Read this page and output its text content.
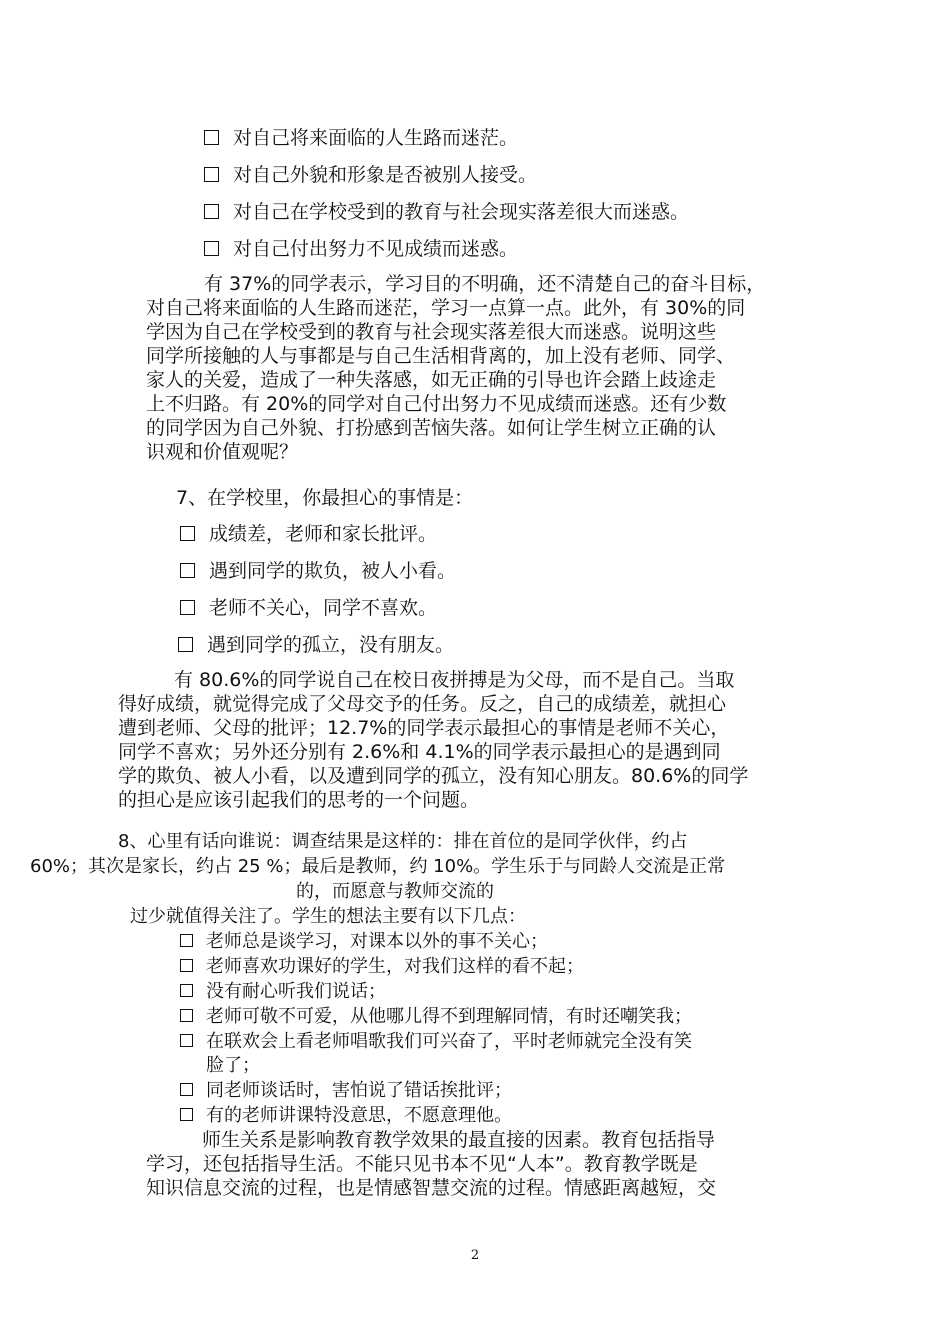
对自己将来面临的人生路而迷茫。
对自己外貌和形象是否被别人接受。
对自己在学校受到的教育与社会现实落差很大而迷惑。
对自己付出努力不见成绩而迷惑。
有 37%的同学表示，学习目的不明确，还不清楚自己的奋斗目标，
对自己将来面临的人生路而迷茫，学习一点算一点。此外，有 30%的同
学因为自己在学校受到的教育与社会现实落差很大而迷惑。说明这些
同学所接触的人与事都是与自己生活相背离的，加上没有老师、同学、
家人的关爱，造成了一种失落感，如无正确的引导也许会踏上歧途走
上不归路。有 20%的同学对自己付出努力不见成绩而迷惑。还有少数
的同学因为自己外貌、打扮感到苦恼失落。如何让学生树立正确的认
识观和价值观呢？
7、在学校里，你最担心的事情是：
成绩差，老师和家长批评。
遇到同学的欺负，被人小看。
老师不关心，同学不喜欢。
遇到同学的孤立，没有朋友。
有 80.6%的同学说自己在校日夜拼搏是为父母，而不是自己。当取
得好成绩，就觉得完成了父母交予的任务。反之，自己的成绩差，就担心
遭到老师、父母的批评；12.7%的同学表示最担心的事情是老师不关心，
同学不喜欢；另外还分别有 2.6%和 4.1%的同学表示最担心的是遇到同
学的欺负、被人小看，以及遭到同学的孤立，没有知心朋友。80.6%的同学
的担心是应该引起我们的思考的一个问题。
8、心里有话向谁说：调查结果是这样的：排在首位的是同学伙伴，约占
60%；其次是家长，约占 25 %；最后是教师，约 10%。学生乐于与同龄人交流是正常
的，而愿意与教师交流的
过少就值得关注了。学生的想法主要有以下几点：
老师总是谈学习，对课本以外的事不关心；
老师喜欢功课好的学生，对我们这样的看不起；
没有耐心听我们说话；
老师可敬不可爱，从他哪儿得不到理解同情，有时还嘲笑我；
在联欢会上看老师唱歌我们可兴奋了，平时老师就完全没有笑
脸了；
同老师谈话时，害怕说了错话挨批评；
有的老师讲课特没意思，不愿意理他。
师生关系是影响教育教学效果的最直接的因素。教育包括指导
学习，还包括指导生活。不能只见书本不见“人本”。教育教学既是
知识信息交流的过程，也是情感智慧交流的过程。情感距离越短，交
2
